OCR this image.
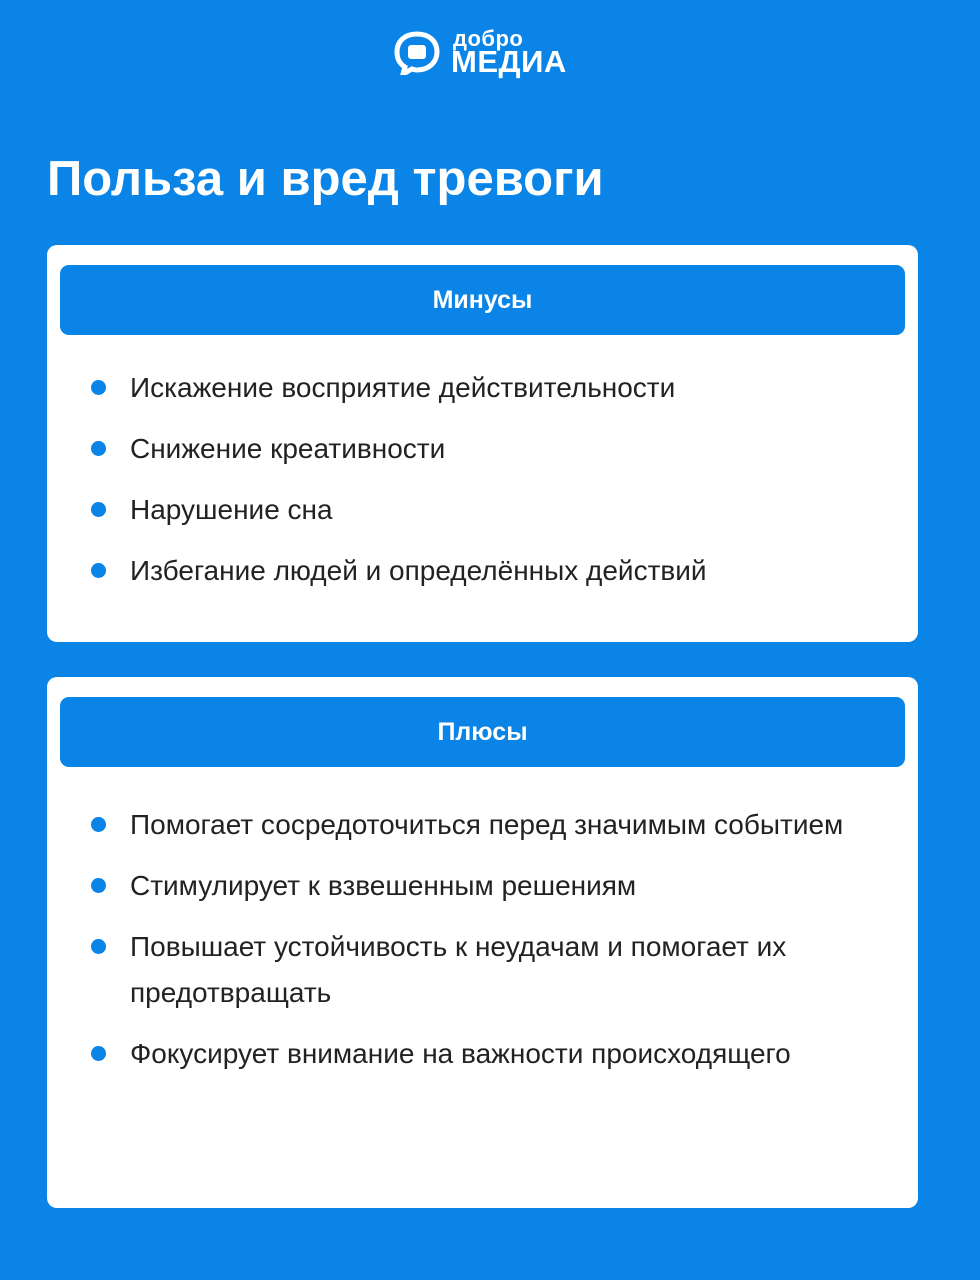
добро
МЕДИА
Польза и вред тревоги
Минусы
Искажение восприятие действительности
Снижение креативности
Нарушение сна
Избегание людей и определённых действий
Плюсы
Помогает сосредоточиться перед значимым событием
Стимулирует к взвешенным решениям
Повышает устойчивость к неудачам и помогает их предотвращать
Фокусирует внимание на важности происходящего
